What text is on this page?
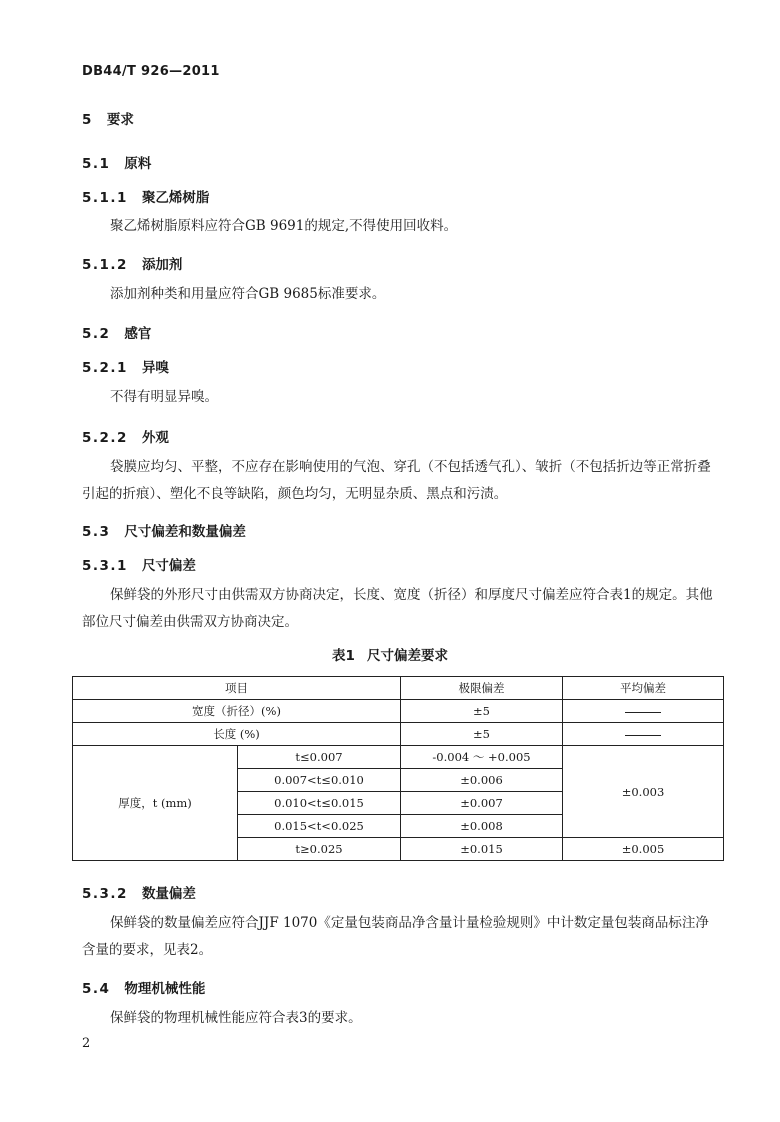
DB44/T 926—2011
5 要求
5.1 原料
5.1.1 聚乙烯树脂
聚乙烯树脂原料应符合GB 9691的规定,不得使用回收料。
5.1.2 添加剂
添加剂种类和用量应符合GB 9685标准要求。
5.2 感官
5.2.1 异嗅
不得有明显异嗅。
5.2.2 外观
袋膜应均匀、平整，不应存在影响使用的气泡、穿孔（不包括透气孔）、皱折（不包括折边等正常折叠引起的折痕）、塑化不良等缺陷，颜色均匀，无明显杂质、黑点和污渍。
5.3 尺寸偏差和数量偏差
5.3.1 尺寸偏差
保鲜袋的外形尺寸由供需双方协商决定，长度、宽度（折径）和厚度尺寸偏差应符合表1的规定。其他部位尺寸偏差由供需双方协商决定。
表1 尺寸偏差要求
项目		极限偏差	平均偏差
宽度（折径）(%)		±5	
长度 (%)		±5	
厚度，t (mm)	t≤0.007	-0.004 ～ +0.005	±0.003
	0.007<t≤0.010	±0.006	
	0.010<t≤0.015	±0.007	
	0.015<t<0.025	±0.008	
	t≥0.025	±0.015	±0.005
5.3.2 数量偏差
保鲜袋的数量偏差应符合JJF 1070《定量包装商品净含量计量检验规则》中计数定量包装商品标注净含量的要求，见表2。
5.4 物理机械性能
保鲜袋的物理机械性能应符合表3的要求。
2
